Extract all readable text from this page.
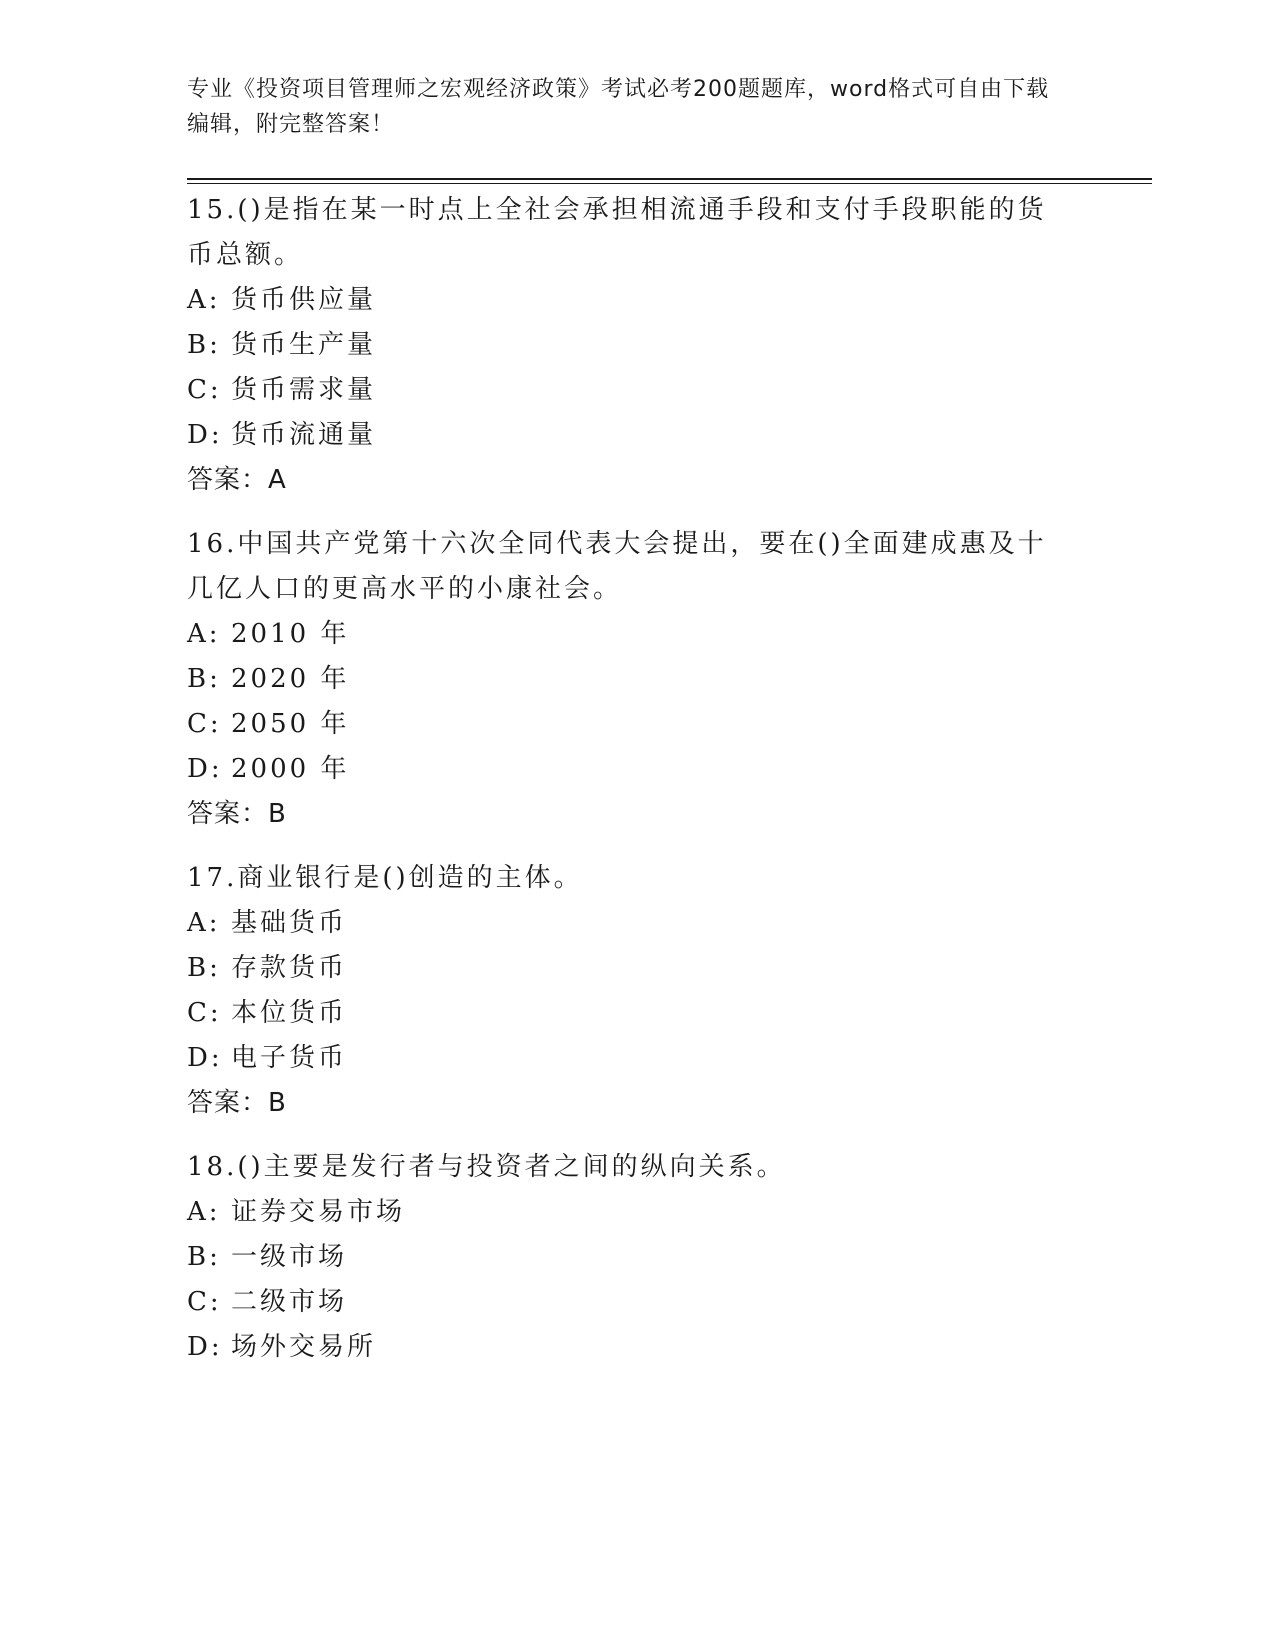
专业《投资项目管理师之宏观经济政策》考试必考200题题库，word格式可自由下载编辑，附完整答案！

15.()是指在某一时点上全社会承担相流通手段和支付手段职能的货币总额。

A: 货币供应量

B: 货币生产量

C: 货币需求量

D: 货币流通量

答案：A

16.中国共产党第十六次全同代表大会提出，要在()全面建成惠及十几亿人口的更高水平的小康社会。

A: 2010 年

B: 2020 年

C: 2050 年

D: 2000 年

答案：B

17.商业银行是()创造的主体。

A: 基础货币

B: 存款货币

C: 本位货币

D: 电子货币

答案：B

18.()主要是发行者与投资者之间的纵向关系。

A: 证券交易市场

B: 一级市场

C: 二级市场

D: 场外交易所
